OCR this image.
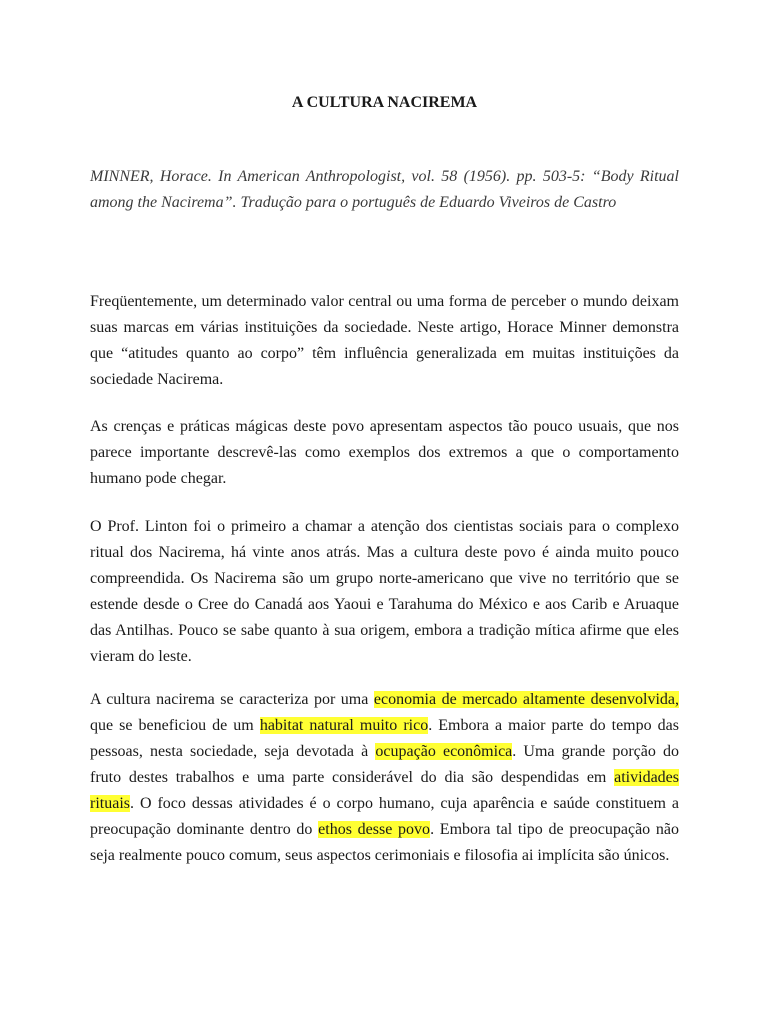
A CULTURA NACIREMA

MINNER, Horace. In American Anthropologist, vol. 58 (1956). pp. 503-5: “Body Ritual among the Nacirema”. Tradução para o português de Eduardo Viveiros de Castro

Freqüentemente, um determinado valor central ou uma forma de perceber o mundo deixam suas marcas em várias instituições da sociedade. Neste artigo, Horace Minner demonstra que “atitudes quanto ao corpo” têm influência generalizada em muitas instituições da sociedade Nacirema.

As crenças e práticas mágicas deste povo apresentam aspectos tão pouco usuais, que nos parece importante descrevê-las como exemplos dos extremos a que o comportamento humano pode chegar.

O Prof. Linton foi o primeiro a chamar a atenção dos cientistas sociais para o complexo ritual dos Nacirema, há vinte anos atrás. Mas a cultura deste povo é ainda muito pouco compreendida. Os Nacirema são um grupo norte-americano que vive no território que se estende desde o Cree do Canadá aos Yaoui e Tarahuma do México e aos Carib e Aruaque das Antilhas. Pouco se sabe quanto à sua origem, embora a tradição mítica afirme que eles vieram do leste.

A cultura nacirema se caracteriza por uma economia de mercado altamente desenvolvida, que se beneficiou de um habitat natural muito rico. Embora a maior parte do tempo das pessoas, nesta sociedade, seja devotada à ocupação econômica. Uma grande porção do fruto destes trabalhos e uma parte considerável do dia são despendidas em atividades rituais. O foco dessas atividades é o corpo humano, cuja aparência e saúde constituem a preocupação dominante dentro do ethos desse povo. Embora tal tipo de preocupação não seja realmente pouco comum, seus aspectos cerimoniais e filosofia ai implícita são únicos.
